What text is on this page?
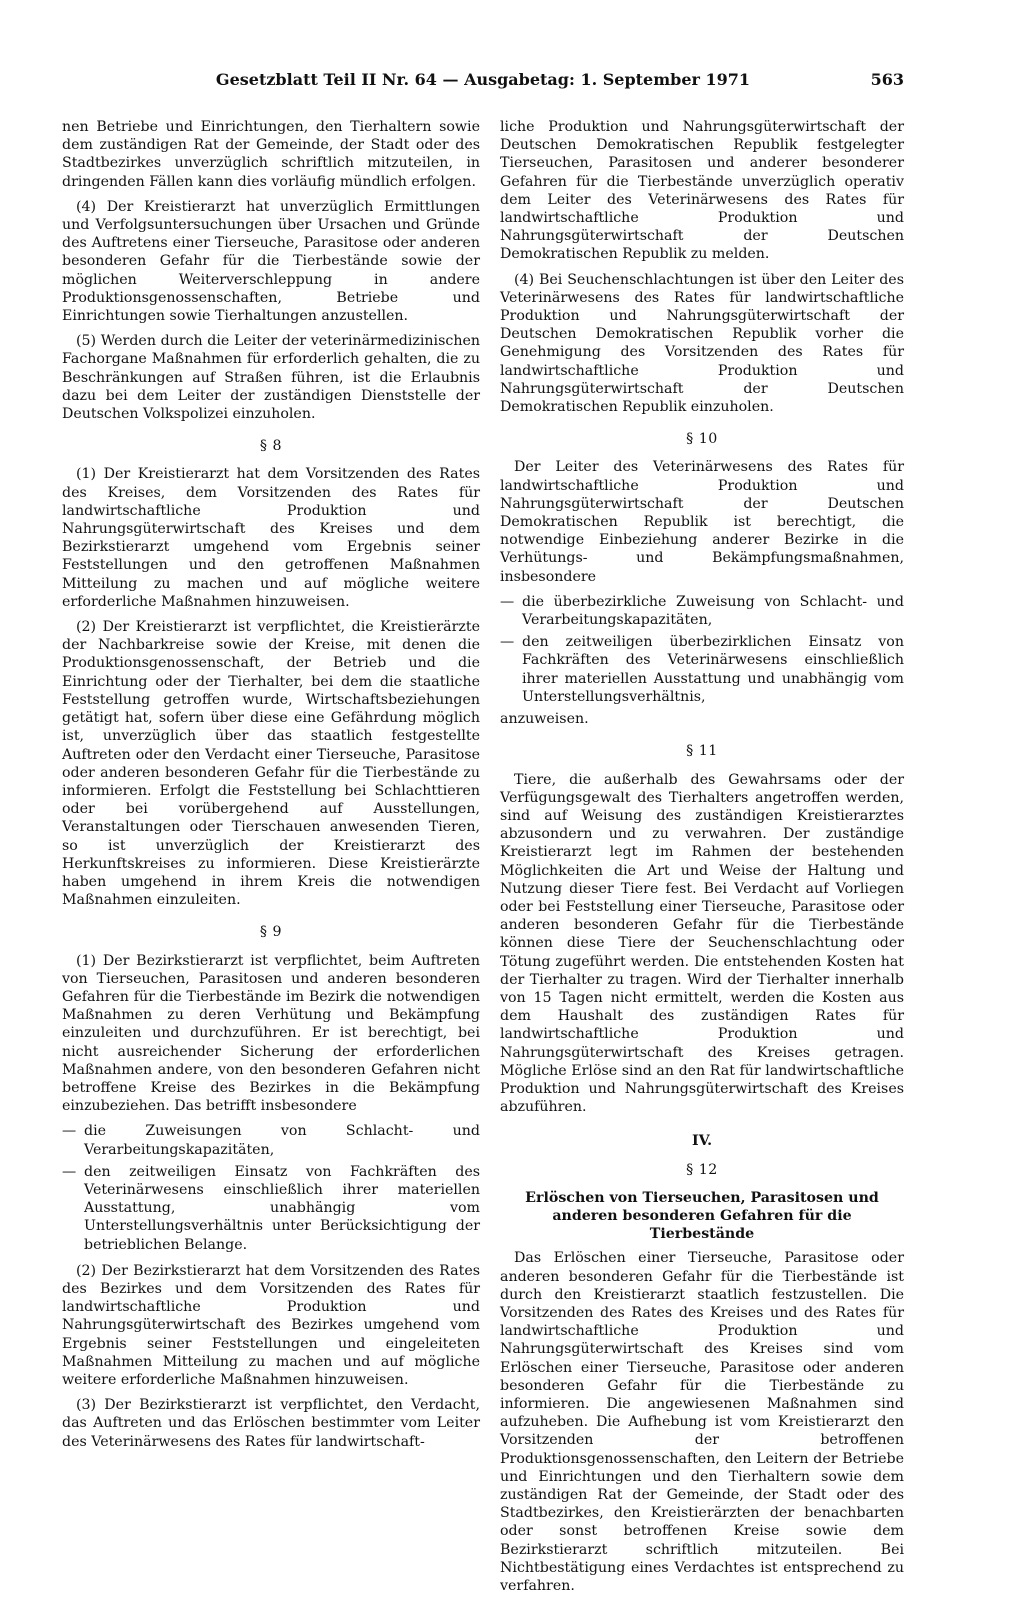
Gesetzblatt Teil II Nr. 64 — Ausgabetag: 1. September 1971	563

nen Betriebe und Einrichtungen, den Tierhaltern sowie dem zuständigen Rat der Gemeinde, der Stadt oder des Stadtbezirkes unverzüglich schriftlich mitzuteilen, in dringenden Fällen kann dies vorläufig mündlich erfolgen.

(4) Der Kreistierarzt hat unverzüglich Ermittlungen und Verfolgsuntersuchungen über Ursachen und Gründe des Auftretens einer Tierseuche, Parasitose oder anderen besonderen Gefahr für die Tierbestände sowie der möglichen Weiterverschleppung in andere Produktionsgenossenschaften, Betriebe und Einrichtungen sowie Tierhaltungen anzustellen.

(5) Werden durch die Leiter der veterinärmedizinischen Fachorgane Maßnahmen für erforderlich gehalten, die zu Beschränkungen auf Straßen führen, ist die Erlaubnis dazu bei dem Leiter der zuständigen Dienststelle der Deutschen Volkspolizei einzuholen.

§ 8

(1) Der Kreistierarzt hat dem Vorsitzenden des Rates des Kreises, dem Vorsitzenden des Rates für landwirtschaftliche Produktion und Nahrungsgüterwirtschaft des Kreises und dem Bezirkstierarzt umgehend vom Ergebnis seiner Feststellungen und den getroffenen Maßnahmen Mitteilung zu machen und auf mögliche weitere erforderliche Maßnahmen hinzuweisen.

(2) Der Kreistierarzt ist verpflichtet, die Kreistierärzte der Nachbarkreise sowie der Kreise, mit denen die Produktionsgenossenschaft, der Betrieb und die Einrichtung oder der Tierhalter, bei dem die staatliche Feststellung getroffen wurde, Wirtschaftsbeziehungen getätigt hat, sofern über diese eine Gefährdung möglich ist, unverzüglich über das staatlich festgestellte Auftreten oder den Verdacht einer Tierseuche, Parasitose oder anderen besonderen Gefahr für die Tierbestände zu informieren. Erfolgt die Feststellung bei Schlachttieren oder bei vorübergehend auf Ausstellungen, Veranstaltungen oder Tierschauen anwesenden Tieren, so ist unverzüglich der Kreistierarzt des Herkunftskreises zu informieren. Diese Kreistierärzte haben umgehend in ihrem Kreis die notwendigen Maßnahmen einzuleiten.

§ 9

(1) Der Bezirkstierarzt ist verpflichtet, beim Auftreten von Tierseuchen, Parasitosen und anderen besonderen Gefahren für die Tierbestände im Bezirk die notwendigen Maßnahmen zu deren Verhütung und Bekämpfung einzuleiten und durchzuführen. Er ist berechtigt, bei nicht ausreichender Sicherung der erforderlichen Maßnahmen andere, von den besonderen Gefahren nicht betroffene Kreise des Bezirkes in die Bekämpfung einzubeziehen. Das betrifft insbesondere

— die Zuweisungen von Schlacht- und Verarbeitungskapazitäten,
— den zeitweiligen Einsatz von Fachkräften des Veterinärwesens einschließlich ihrer materiellen Ausstattung, unabhängig vom Unterstellungsverhältnis unter Berücksichtigung der betrieblichen Belange.

(2) Der Bezirkstierarzt hat dem Vorsitzenden des Rates des Bezirkes und dem Vorsitzenden des Rates für landwirtschaftliche Produktion und Nahrungsgüterwirtschaft des Bezirkes umgehend vom Ergebnis seiner Feststellungen und eingeleiteten Maßnahmen Mitteilung zu machen und auf mögliche weitere erforderliche Maßnahmen hinzuweisen.

(3) Der Bezirkstierarzt ist verpflichtet, den Verdacht, das Auftreten und das Erlöschen bestimmter vom Leiter des Veterinärwesens des Rates für landwirtschaft-

liche Produktion und Nahrungsgüterwirtschaft der Deutschen Demokratischen Republik festgelegter Tierseuchen, Parasitosen und anderer besonderer Gefahren für die Tierbestände unverzüglich operativ dem Leiter des Veterinärwesens des Rates für landwirtschaftliche Produktion und Nahrungsgüterwirtschaft der Deutschen Demokratischen Republik zu melden.

(4) Bei Seuchenschlachtungen ist über den Leiter des Veterinärwesens des Rates für landwirtschaftliche Produktion und Nahrungsgüterwirtschaft der Deutschen Demokratischen Republik vorher die Genehmigung des Vorsitzenden des Rates für landwirtschaftliche Produktion und Nahrungsgüterwirtschaft der Deutschen Demokratischen Republik einzuholen.

§ 10

Der Leiter des Veterinärwesens des Rates für landwirtschaftliche Produktion und Nahrungsgüterwirtschaft der Deutschen Demokratischen Republik ist berechtigt, die notwendige Einbeziehung anderer Bezirke in die Verhütungs- und Bekämpfungsmaßnahmen, insbesondere

— die überbezirkliche Zuweisung von Schlacht- und Verarbeitungskapazitäten,
— den zeitweiligen überbezirklichen Einsatz von Fachkräften des Veterinärwesens einschließlich ihrer materiellen Ausstattung und unabhängig vom Unterstellungsverhältnis,

anzuweisen.

§ 11

Tiere, die außerhalb des Gewahrsams oder der Verfügungsgewalt des Tierhalters angetroffen werden, sind auf Weisung des zuständigen Kreistierarztes abzusondern und zu verwahren. Der zuständige Kreistierarzt legt im Rahmen der bestehenden Möglichkeiten die Art und Weise der Haltung und Nutzung dieser Tiere fest. Bei Verdacht auf Vorliegen oder bei Feststellung einer Tierseuche, Parasitose oder anderen besonderen Gefahr für die Tierbestände können diese Tiere der Seuchenschlachtung oder Tötung zugeführt werden. Die entstehenden Kosten hat der Tierhalter zu tragen. Wird der Tierhalter innerhalb von 15 Tagen nicht ermittelt, werden die Kosten aus dem Haushalt des zuständigen Rates für landwirtschaftliche Produktion und Nahrungsgüterwirtschaft des Kreises getragen. Mögliche Erlöse sind an den Rat für landwirtschaftliche Produktion und Nahrungsgüterwirtschaft des Kreises abzuführen.

IV.
§ 12
Erlöschen von Tierseuchen, Parasitosen und anderen besonderen Gefahren für die Tierbestände

Das Erlöschen einer Tierseuche, Parasitose oder anderen besonderen Gefahr für die Tierbestände ist durch den Kreistierarzt staatlich festzustellen. Die Vorsitzenden des Rates des Kreises und des Rates für landwirtschaftliche Produktion und Nahrungsgüterwirtschaft des Kreises sind vom Erlöschen einer Tierseuche, Parasitose oder anderen besonderen Gefahr für die Tierbestände zu informieren. Die angewiesenen Maßnahmen sind aufzuheben. Die Aufhebung ist vom Kreistierarzt den Vorsitzenden der betroffenen Produktionsgenossenschaften, den Leitern der Betriebe und Einrichtungen und den Tierhaltern sowie dem zuständigen Rat der Gemeinde, der Stadt oder des Stadtbezirkes, den Kreistierärzten der benachbarten oder sonst betroffenen Kreise sowie dem Bezirkstierarzt schriftlich mitzuteilen. Bei Nichtbestätigung eines Verdachtes ist entsprechend zu verfahren.
